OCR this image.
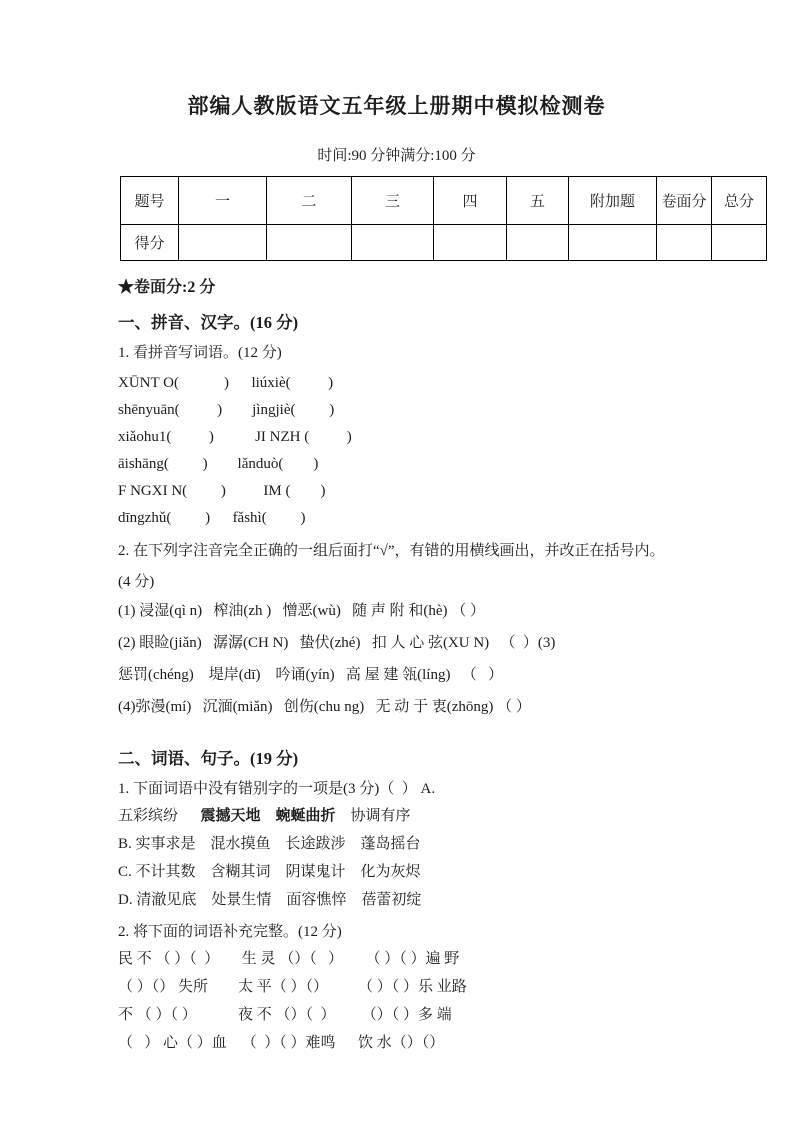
部编人教版语文五年级上册期中模拟检测卷
时间:90 分钟满分:100 分
题号	一	二	三	四	五	附加题	卷面分	总分
得分								
★卷面分:2 分
一、拼音、汉字。(16 分)
1. 看拼音写词语。(12 分)
XŪNT O(            )      liúxiè(          )
shēnyuān(          )        jìngjiè(         )
xiǎohu1(          )           JI NZH (          )
āishāng(         )        lǎnduò(        )
F NGXI N(         )          IM (        )
dīngzhǔ(         )      fǎshì(         )
2. 在下列字注音完全正确的一组后面打“√”，有错的用横线画出，并改正在括号内。
(4 分)
(1) 浸湿(qì n)   榨油(zh )   憎恶(wù)   随 声 附 和(hè) （ ）
(2) 眼睑(jiǎn)   潺潺(CH N)   蛰伏(zhé)   扣 人 心 弦(XU N)   （  ）(3)
惩罚(chéng)    堤岸(dī)    吟诵(yín)   高 屋 建 瓴(líng)   （   ）
(4)弥漫(mí)   沉湎(miǎn)   创伤(chu ng)   无 动 于 衷(zhōng) （ ）
二、词语、句子。(19 分)
1. 下面词语中没有错别字的一项是(3 分)（  ） A.
五彩缤纷      震撼天地    蜿蜒曲折    协调有序
B. 实事求是    混水摸鱼    长途跋涉    蓬岛摇台
C. 不计其数    含糊其词    阴谋鬼计    化为灰烬
D. 清澈见底    处景生情    面容憔悴    蓓蕾初绽
2. 将下面的词语补充完整。(12 分)
民 不 （ ）（  ）      生 灵 （）（   ）      （ ）（ ）遍 野
（ ）（） 失所        太 平（ ）（）        （ ）（ ）乐 业路
不 （ ）（ ）           夜 不 （）（  ）       （）（ ）多 端
（   ） 心（ ）血    （  ）（ ）难鸣      饮 水（）（）
